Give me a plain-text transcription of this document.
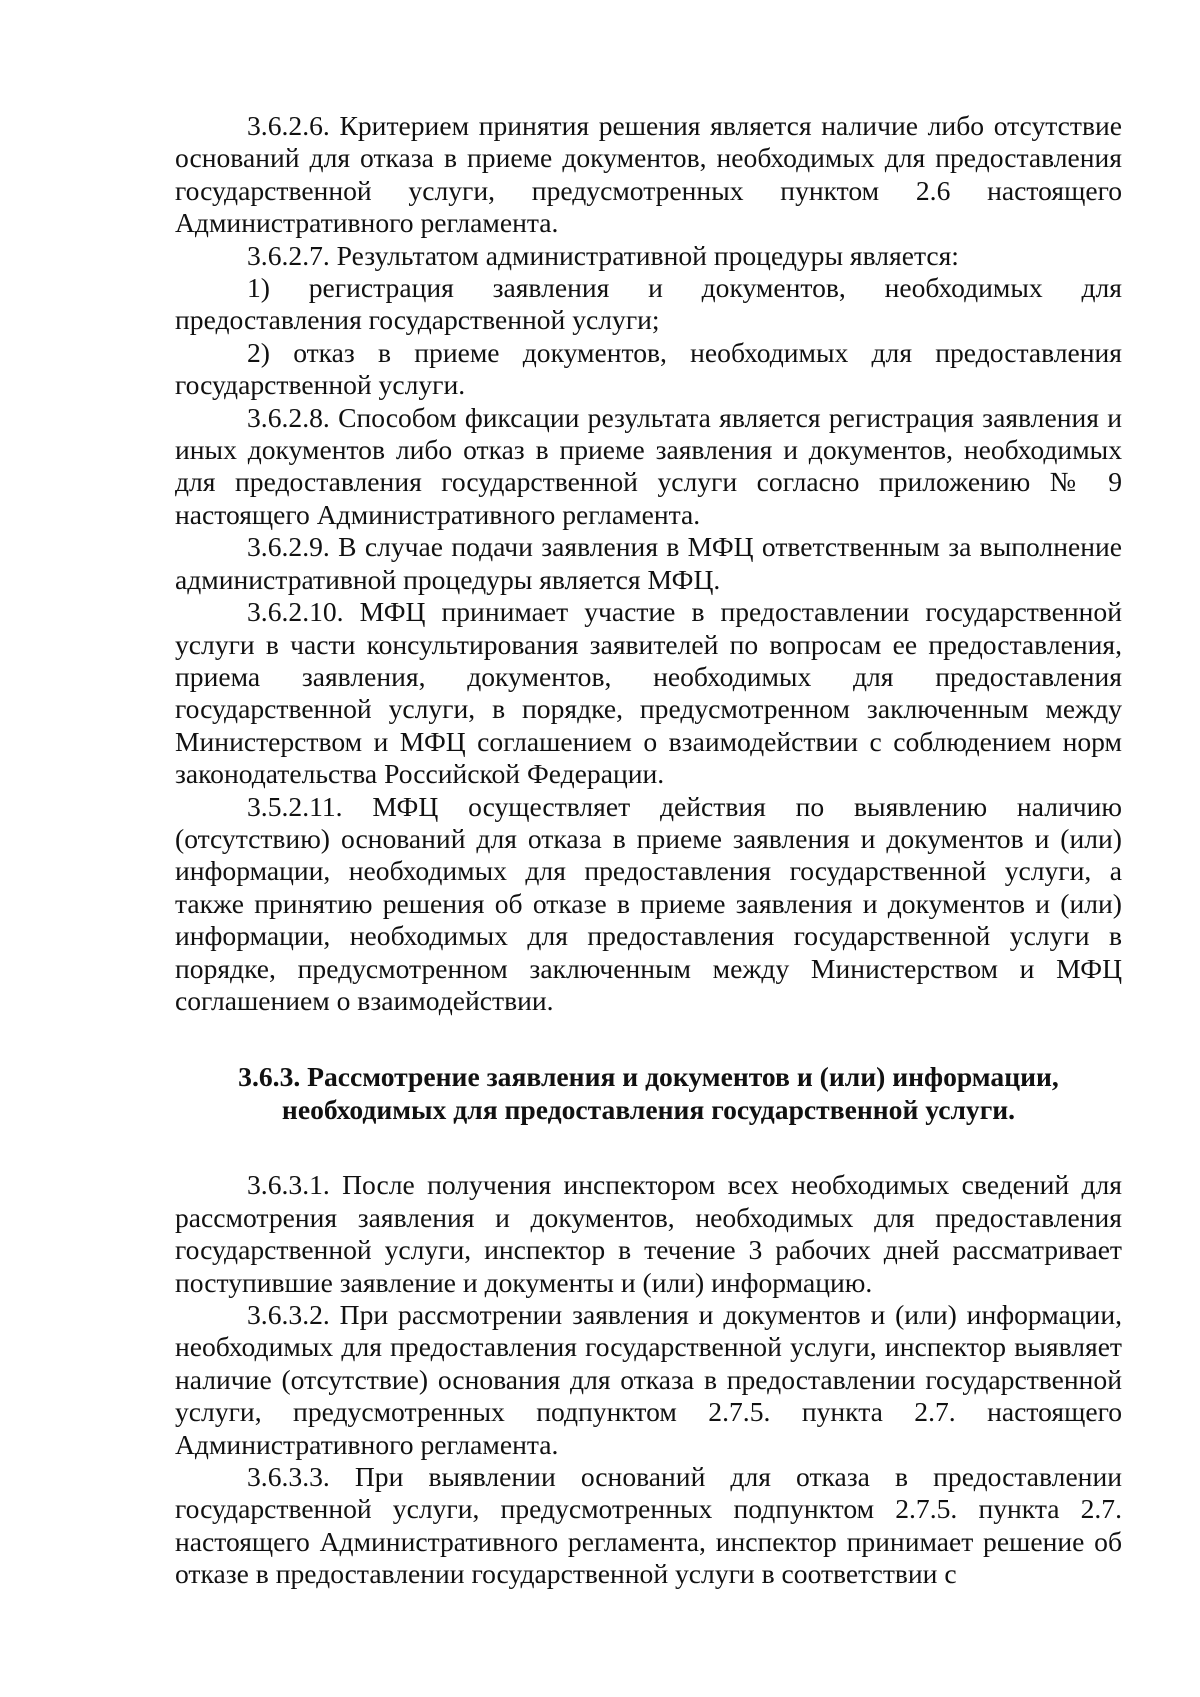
3.6.2.6. Критерием принятия решения является наличие либо отсутствие оснований для отказа в приеме документов, необходимых для предоставления государственной услуги, предусмотренных пунктом 2.6 настоящего Административного регламента.

3.6.2.7. Результатом административной процедуры является:

1) регистрация заявления и документов, необходимых для предоставления государственной услуги;

2) отказ в приеме документов, необходимых для предоставления государственной услуги.

3.6.2.8. Способом фиксации результата является регистрация заявления и иных документов либо отказ в приеме заявления и документов, необходимых для предоставления государственной услуги согласно приложению № 9 настоящего Административного регламента.

3.6.2.9. В случае подачи заявления в МФЦ ответственным за выполнение административной процедуры является МФЦ.

3.6.2.10. МФЦ принимает участие в предоставлении государственной услуги в части консультирования заявителей по вопросам ее предоставления, приема заявления, документов, необходимых для предоставления государственной услуги, в порядке, предусмотренном заключенным между Министерством и МФЦ соглашением о взаимодействии с соблюдением норм законодательства Российской Федерации.

3.5.2.11. МФЦ осуществляет действия по выявлению наличию (отсутствию) оснований для отказа в приеме заявления и документов и (или) информации, необходимых для предоставления государственной услуги, а также принятию решения об отказе в приеме заявления и документов и (или) информации, необходимых для предоставления государственной услуги в порядке, предусмотренном заключенным между Министерством и МФЦ соглашением о взаимодействии.

3.6.3. Рассмотрение заявления и документов и (или) информации,
необходимых для предоставления государственной услуги.

3.6.3.1. После получения инспектором всех необходимых сведений для рассмотрения заявления и документов, необходимых для предоставления государственной услуги, инспектор в течение 3 рабочих дней рассматривает поступившие заявление и документы и (или) информацию.

3.6.3.2. При рассмотрении заявления и документов и (или) информации, необходимых для предоставления государственной услуги, инспектор выявляет наличие (отсутствие) основания для отказа в предоставлении государственной услуги, предусмотренных подпунктом 2.7.5. пункта 2.7. настоящего Административного регламента.

3.6.3.3. При выявлении оснований для отказа в предоставлении государственной услуги, предусмотренных подпунктом 2.7.5. пункта 2.7. настоящего Административного регламента, инспектор принимает решение об отказе в предоставлении государственной услуги в соответствии с
